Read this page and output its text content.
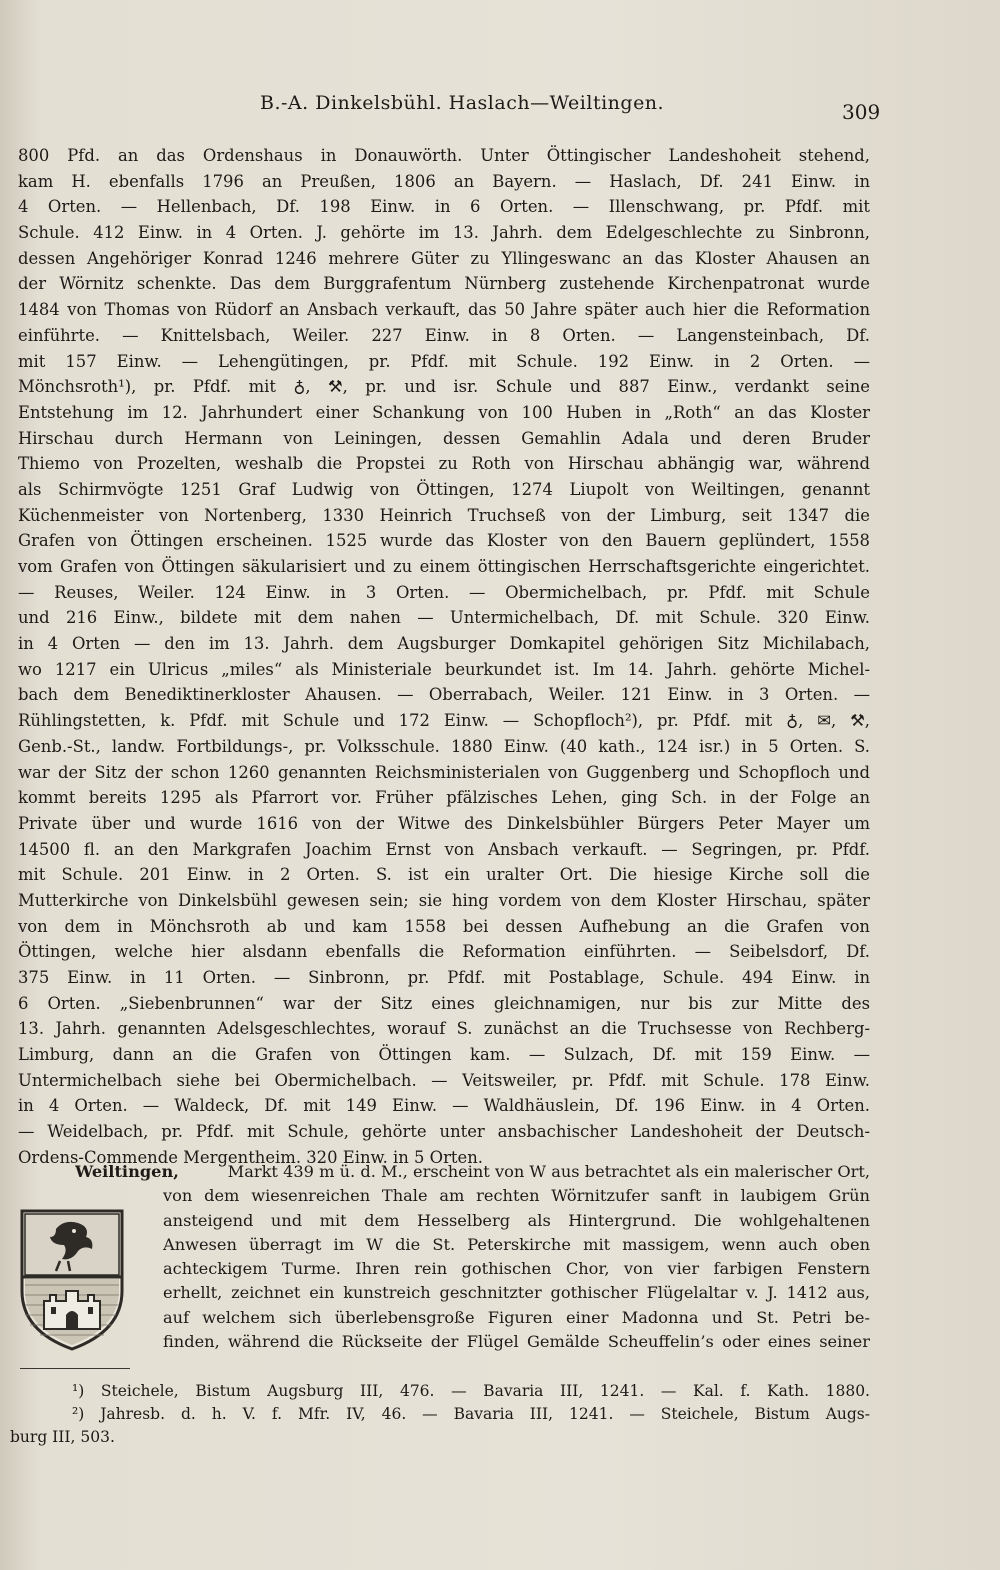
B.-A. Dinkelsbühl. Haslach—Weiltingen.	309
800 Pfd. an das Ordenshaus in Donauwörth. Unter Öttingischer Landeshoheit stehend,
kam H. ebenfalls 1796 an Preußen, 1806 an Bayern. — Haslach, Df. 241 Einw. in
4 Orten. — Hellenbach, Df. 198 Einw. in 6 Orten. — Illenschwang, pr. Pfdf. mit
Schule. 412 Einw. in 4 Orten. J. gehörte im 13. Jahrh. dem Edelgeschlechte zu Sinbronn,
dessen Angehöriger Konrad 1246 mehrere Güter zu Yllingeswanc an das Kloster Ahausen an
der Wörnitz schenkte. Das dem Burggrafentum Nürnberg zustehende Kirchenpatronat wurde
1484 von Thomas von Rüdorf an Ansbach verkauft, das 50 Jahre später auch hier die Reformation
einführte. — Knittelsbach, Weiler. 227 Einw. in 8 Orten. — Langensteinbach, Df.
mit 157 Einw. — Lehengütingen, pr. Pfdf. mit Schule. 192 Einw. in 2 Orten. —
Mönchsroth¹), pr. Pfdf. mit ♁, ⚒, pr. und isr. Schule und 887 Einw., verdankt seine
Entstehung im 12. Jahrhundert einer Schankung von 100 Huben in „Roth“ an das Kloster
Hirschau durch Hermann von Leiningen, dessen Gemahlin Adala und deren Bruder
Thiemo von Prozelten, weshalb die Propstei zu Roth von Hirschau abhängig war, während
als Schirmvögte 1251 Graf Ludwig von Öttingen, 1274 Liupolt von Weiltingen, genannt
Küchenmeister von Nortenberg, 1330 Heinrich Truchseß von der Limburg, seit 1347 die
Grafen von Öttingen erscheinen. 1525 wurde das Kloster von den Bauern geplündert, 1558
vom Grafen von Öttingen säkularisiert und zu einem öttingischen Herrschaftsgerichte eingerichtet.
— Reuses, Weiler. 124 Einw. in 3 Orten. — Obermichelbach, pr. Pfdf. mit Schule
und 216 Einw., bildete mit dem nahen — Untermichelbach, Df. mit Schule. 320 Einw.
in 4 Orten — den im 13. Jahrh. dem Augsburger Domkapitel gehörigen Sitz Michilabach,
wo 1217 ein Ulricus „miles“ als Ministeriale beurkundet ist. Im 14. Jahrh. gehörte Michel-
bach dem Benediktinerkloster Ahausen. — Oberrabach, Weiler. 121 Einw. in 3 Orten. —
Rühlingstetten, k. Pfdf. mit Schule und 172 Einw. — Schopfloch²), pr. Pfdf. mit ♁, ✉, ⚒,
Genb.-St., landw. Fortbildungs-, pr. Volksschule. 1880 Einw. (40 kath., 124 isr.) in 5 Orten. S.
war der Sitz der schon 1260 genannten Reichsministerialen von Guggenberg und Schopfloch und
kommt bereits 1295 als Pfarrort vor. Früher pfälzisches Lehen, ging Sch. in der Folge an
Private über und wurde 1616 von der Witwe des Dinkelsbühler Bürgers Peter Mayer um
14500 fl. an den Markgrafen Joachim Ernst von Ansbach verkauft. — Segringen, pr. Pfdf.
mit Schule. 201 Einw. in 2 Orten. S. ist ein uralter Ort. Die hiesige Kirche soll die
Mutterkirche von Dinkelsbühl gewesen sein; sie hing vordem von dem Kloster Hirschau, später
von dem in Mönchsroth ab und kam 1558 bei dessen Aufhebung an die Grafen von
Öttingen, welche hier alsdann ebenfalls die Reformation einführten. — Seibelsdorf, Df.
375 Einw. in 11 Orten. — Sinbronn, pr. Pfdf. mit Postablage, Schule. 494 Einw. in
6 Orten. „Siebenbrunnen“ war der Sitz eines gleichnamigen, nur bis zur Mitte des
13. Jahrh. genannten Adelsgeschlechtes, worauf S. zunächst an die Truchsesse von Rechberg-
Limburg, dann an die Grafen von Öttingen kam. — Sulzach, Df. mit 159 Einw. —
Untermichelbach siehe bei Obermichelbach. — Veitsweiler, pr. Pfdf. mit Schule. 178 Einw.
in 4 Orten. — Waldeck, Df. mit 149 Einw. — Waldhäuslein, Df. 196 Einw. in 4 Orten.
— Weidelbach, pr. Pfdf. mit Schule, gehörte unter ansbachischer Landeshoheit der Deutsch-
Ordens-Commende Mergentheim. 320 Einw. in 5 Orten.
Weiltingen,	Markt 439 m ü. d. M., erscheint von W aus betrachtet als ein malerischer Ort,
von dem wiesenreichen Thale am rechten Wörnitzufer sanft in laubigem Grün
ansteigend und mit dem Hesselberg als Hintergrund. Die wohlgehaltenen
Anwesen überragt im W die St. Peterskirche mit massigem, wenn auch oben
achteckigem Turme. Ihren rein gothischen Chor, von vier farbigen Fenstern
erhellt, zeichnet ein kunstreich geschnitzter gothischer Flügelaltar v. J. 1412 aus,
auf welchem sich überlebensgroße Figuren einer Madonna und St. Petri be-
finden, während die Rückseite der Flügel Gemälde Scheuffelin’s oder eines seiner
¹) Steichele, Bistum Augsburg III, 476. — Bavaria III, 1241. — Kal. f. Kath. 1880.
²) Jahresb. d. h. V. f. Mfr. IV, 46. — Bavaria III, 1241. — Steichele, Bistum Augs-
burg III, 503.
